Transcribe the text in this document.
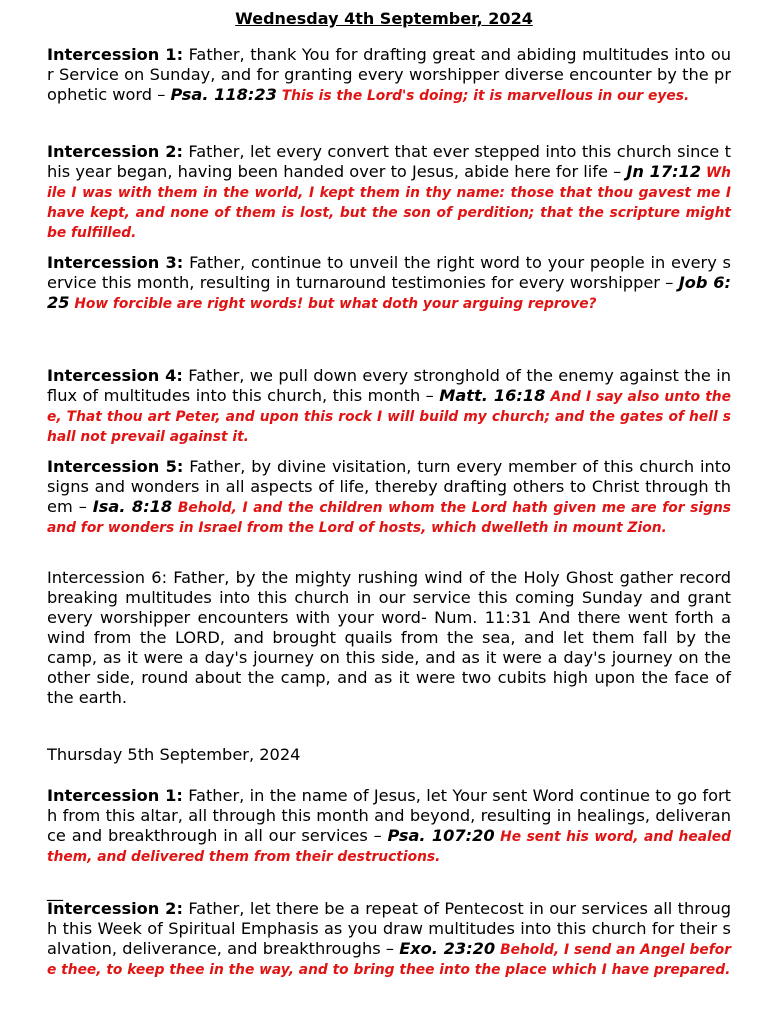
Wednesday 4th September, 2024
Intercession 1: Father, thank You for drafting great and abiding multitudes into our Service on Sunday, and for granting every worshipper diverse encounter by the prophetic word – Psa. 118:23 This is the Lord's doing; it is marvellous in our eyes.
Intercession 2: Father, let every convert that ever stepped into this church since this year began, having been handed over to Jesus, abide here for life – Jn 17:12 While I was with them in the world, I kept them in thy name: those that thou gavest me I have kept, and none of them is lost, but the son of perdition; that the scripture might be fulfilled.
Intercession 3: Father, continue to unveil the right word to your people in every service this month, resulting in turnaround testimonies for every worshipper – Job 6:25 How forcible are right words! but what doth your arguing reprove?
Intercession 4: Father, we pull down every stronghold of the enemy against the influx of multitudes into this church, this month – Matt. 16:18 And I say also unto thee, That thou art Peter, and upon this rock I will build my church; and the gates of hell shall not prevail against it.
Intercession 5: Father, by divine visitation, turn every member of this church into signs and wonders in all aspects of life, thereby drafting others to Christ through them – Isa. 8:18 Behold, I and the children whom the Lord hath given me are for signs and for wonders in Israel from the Lord of hosts, which dwelleth in mount Zion.
Intercession 6: Father, by the mighty rushing wind of the Holy Ghost gather record breaking multitudes into this church in our service this coming Sunday and grant every worshipper encounters with your word- Num. 11:31 And there went forth a wind from the LORD, and brought quails from the sea, and let them fall by the camp, as it were a day's journey on this side, and as it were a day's journey on the other side, round about the camp, and as it were two cubits high upon the face of the earth.
Thursday 5th September, 2024
Intercession 1: Father, in the name of Jesus, let Your sent Word continue to go forth from this altar, all through this month and beyond, resulting in healings, deliverance and breakthrough in all our services – Psa. 107:20 He sent his word, and healed them, and delivered them from their destructions.
__
Intercession 2: Father, let there be a repeat of Pentecost in our services all through this Week of Spiritual Emphasis as you draw multitudes into this church for their salvation, deliverance, and breakthroughs – Exo. 23:20 Behold, I send an Angel before thee, to keep thee in the way, and to bring thee into the place which I have prepared.
